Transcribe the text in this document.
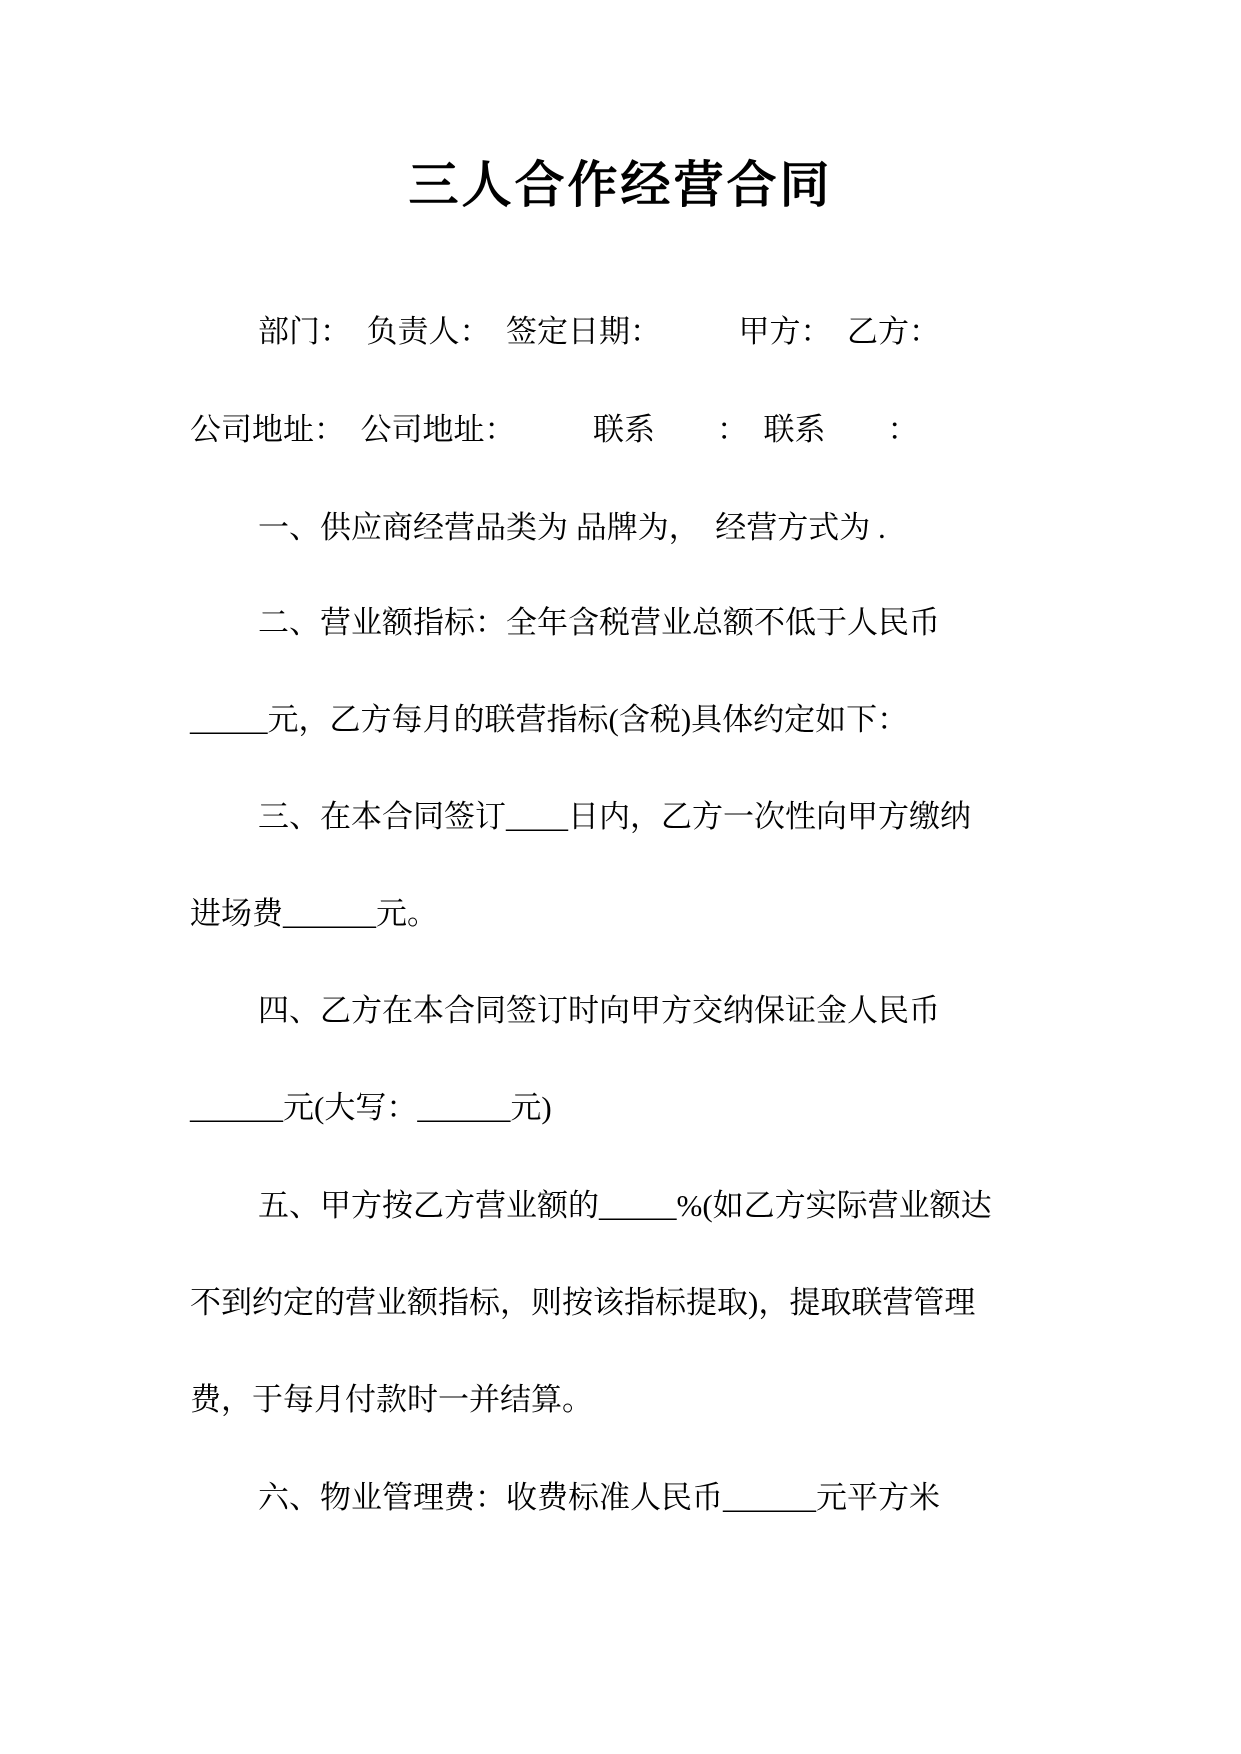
三人合作经营合同

部门：　负责人：　签定日期：　　　甲方：　乙方：

公司地址：　公司地址：　　　联系　　：　联系　　：

一、供应商经营品类为 品牌为，　经营方式为 .

二、营业额指标：全年含税营业总额不低于人民币

_____元，乙方每月的联营指标(含税)具体约定如下：

三、在本合同签订____日内，乙方一次性向甲方缴纳

进场费______元。

四、乙方在本合同签订时向甲方交纳保证金人民币

______元(大写：______元)

五、甲方按乙方营业额的_____%(如乙方实际营业额达

不到约定的营业额指标，则按该指标提取)，提取联营管理

费，于每月付款时一并结算。

六、物业管理费：收费标准人民币______元平方米
